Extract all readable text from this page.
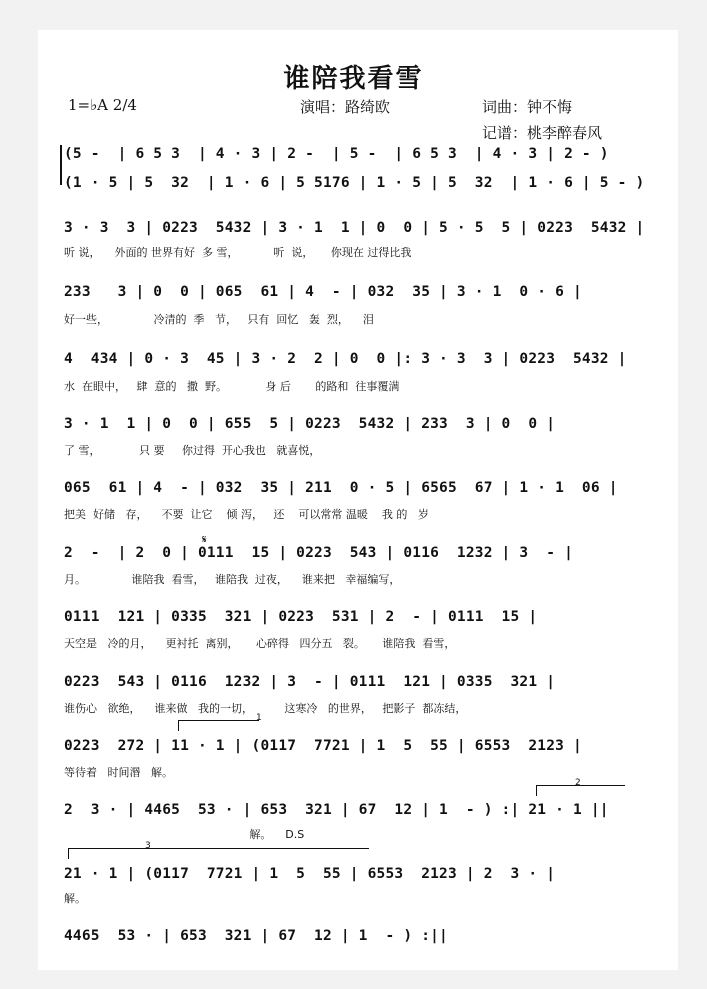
谁陪我看雪
1=♭A 2/4	演唱：路绮欧	词曲：钟不悔
记谱：桃李醉春风
(5 -  | 6 5 3  | 4 · 3 | 2 -  | 5 -  | 6 5 3  | 4 · 3 | 2 - )
(1 · 5 | 5  32  | 1 · 6 | 5 5176 | 1 · 5 | 5  32  | 1 · 6 | 5 - )
3 · 3  3 | 0223  5432 | 3 · 1  1 | 0  0 | 5 · 5  5 | 0223  5432 |
听 说，    外面的 世界有好  多 雪，          听  说，     你现在 过得比我
233   3 | 0  0 | 065  61 | 4  - | 032  35 | 3 · 1  0 · 6 |
好一些，             冷清的  季   节，   只有  回忆   轰  烈，    泪
4  434 | 0 · 3  45 | 3 · 2  2 | 0  0 |: 3 · 3  3 | 0223  5432 |
水  在眼中，   肆  意的   撒  野。           身 后       的路和  往事覆满
3 · 1  1 | 0  0 | 655  5 | 0223  5432 | 233  3 | 0  0 |
了 雪，           只 要     你过得  开心我也   就喜悦，
065  61 | 4  - | 032  35 | 211  0 · 5 | 6565  67 | 1 · 1  06 |
把美  好储   存，    不要  让它    倾 泻，   还    可以常常 温暖    我 的   岁
𝄋
2  -  | 2  0 | 0111  15 | 0223  543 | 0116  1232 | 3  - |
月。             谁陪我  看雪，   谁陪我  过夜，    谁来把   幸福编写，
0111  121 | 0335  321 | 0223  531 | 2  - | 0111  15 |
天空是   冷的月，    更衬托  离别，     心碎得   四分五   裂。     谁陪我  看雪，
0223  543 | 0116  1232 | 3  - | 0111  121 | 0335  321 |
谁伤心   欲绝，    谁来做   我的一切，         这寒冷   的世界，   把影子  都冻结，
1
0223  272 | 11 · 1 | (0117  7721 | 1  5  55 | 6553  2123 |
等待着   时间湣   解。
2
2  3 · | 4465  53 · | 653  321 | 67  12 | 1  - ) :| 21 · 1 ||
解。    D.S
3
21 · 1 | (0117  7721 | 1  5  55 | 6553  2123 | 2  3 · |
解。
4465  53 · | 653  321 | 67  12 | 1  - ) :||
